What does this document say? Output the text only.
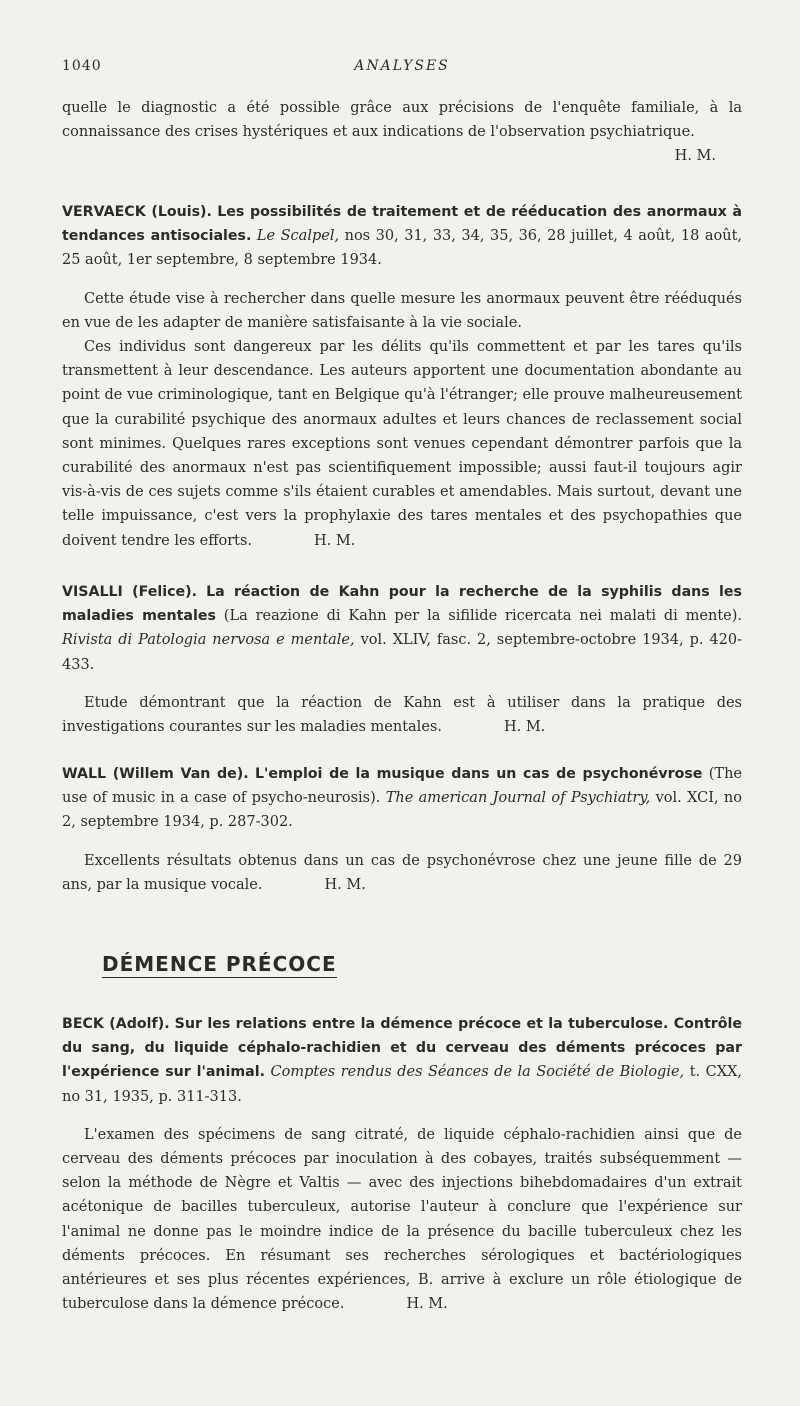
1040	ANALYSES

quelle le diagnostic a été possible grâce aux précisions de l'enquête familiale, à la connaissance des crises hystériques et aux indications de l'observation psychiatrique.

H. M.

VERVAECK (Louis). Les possibilités de traitement et de rééducation des anormaux à tendances antisociales. Le Scalpel, nos 30, 31, 33, 34, 35, 36, 28 juillet, 4 août, 18 août, 25 août, 1er septembre, 8 septembre 1934.

Cette étude vise à rechercher dans quelle mesure les anormaux peuvent être rééduqués en vue de les adapter de manière satisfaisante à la vie sociale.

Ces individus sont dangereux par les délits qu'ils commettent et par les tares qu'ils transmettent à leur descendance. Les auteurs apportent une documentation abondante au point de vue criminologique, tant en Belgique qu'à l'étranger; elle prouve malheureusement que la curabilité psychique des anormaux adultes et leurs chances de reclassement social sont minimes. Quelques rares exceptions sont venues cependant démontrer parfois que la curabilité des anormaux n'est pas scientifiquement impossible; aussi faut-il toujours agir vis-à-vis de ces sujets comme s'ils étaient curables et amendables. Mais surtout, devant une telle impuissance, c'est vers la prophylaxie des tares mentales et des psychopathies que doivent tendre les efforts.	H. M.

VISALLI (Felice). La réaction de Kahn pour la recherche de la syphilis dans les maladies mentales (La reazione di Kahn per la sifilide ricercata nei malati di mente). Rivista di Patologia nervosa e mentale, vol. XLIV, fasc. 2, septembre-octobre 1934, p. 420-433.

Etude démontrant que la réaction de Kahn est à utiliser dans la pratique des investigations courantes sur les maladies mentales.	H. M.

WALL (Willem Van de). L'emploi de la musique dans un cas de psychonévrose (The use of music in a case of psycho-neurosis). The american Journal of Psychiatry, vol. XCI, no 2, septembre 1934, p. 287-302.

Excellents résultats obtenus dans un cas de psychonévrose chez une jeune fille de 29 ans, par la musique vocale.	H. M.

DÉMENCE PRÉCOCE

BECK (Adolf). Sur les relations entre la démence précoce et la tuberculose. Contrôle du sang, du liquide céphalo-rachidien et du cerveau des déments précoces par l'expérience sur l'animal. Comptes rendus des Séances de la Société de Biologie, t. CXX, no 31, 1935, p. 311-313.

L'examen des spécimens de sang citraté, de liquide céphalo-rachidien ainsi que de cerveau des déments précoces par inoculation à des cobayes, traités subséquemment — selon la méthode de Nègre et Valtis — avec des injections bihebdomadaires d'un extrait acétonique de bacilles tuberculeux, autorise l'auteur à conclure que l'expérience sur l'animal ne donne pas le moindre indice de la présence du bacille tuberculeux chez les déments précoces. En résumant ses recherches sérologiques et bactériologiques antérieures et ses plus récentes expériences, B. arrive à exclure un rôle étiologique de tuberculose dans la démence précoce.	H. M.
